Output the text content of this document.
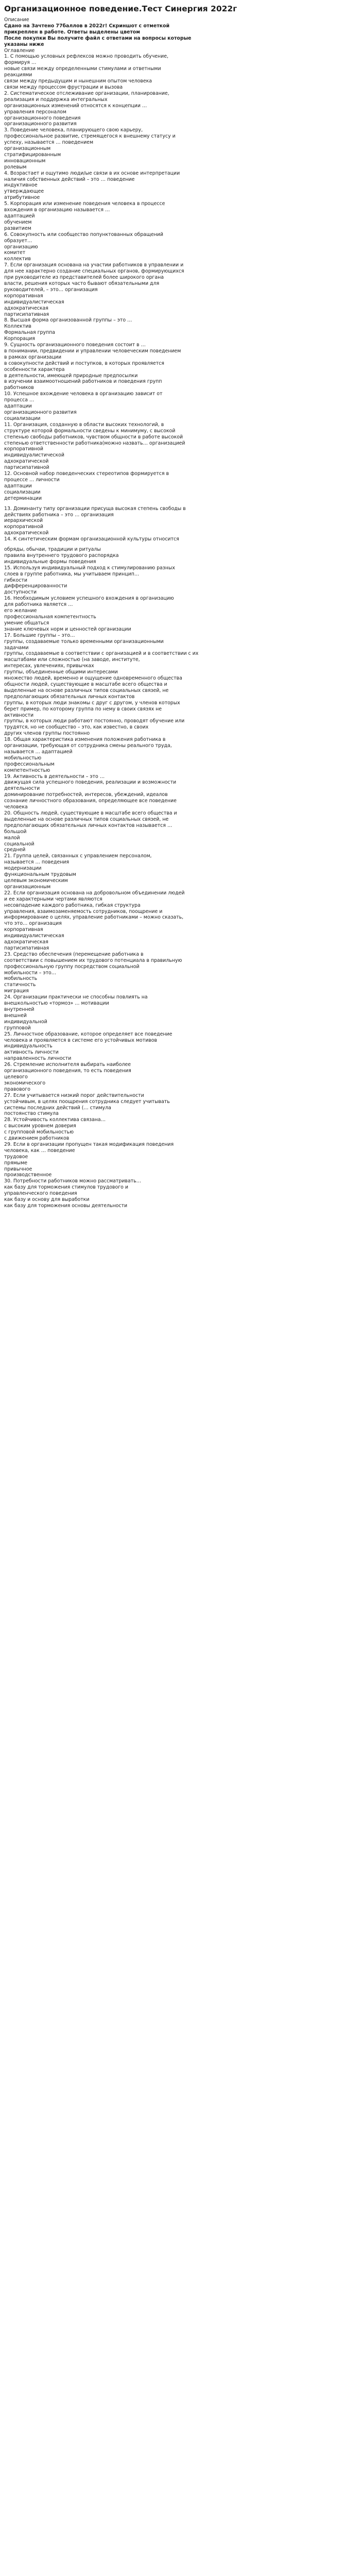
Организационное поведение.Тест Синергия 2022г

Описание

Сдано на Зачтено 77баллов в 2022г! Скриншот с отметкой

прикреплен в работе. Ответы выделены цветом

После покупки Вы получите файл с ответами на вопросы которые

указаны ниже

Оглавление

1. С помощью условных рефлексов можно проводить обучение,

формируя …

новые связи между определенными стимулами и ответными

реакциями

связи между предыдущим и нынешним опытом человека

связи между процессом фрустрации и вызова

2. Систематическое отслеживание организации, планирование,

реализация и поддержка интегральных

организационных изменений относятся к концепции …

управления персоналом

организационного поведения

организационного развития

3. Поведение человека, планирующего свою карьеру,

профессиональное развитие, стремящегося к внешнему статусу и

успеху, называется … поведением

организационным

стратифицированным

инновационным

ролевым

4. Возрастает и ощутимо люди/ые связи в их основе интерпретации

наличия собственных действий – это … поведение

индуктивное

утверждающее

атрибутивное

5. Корпорация или изменение поведения человека в процессе

вхождения в организацию называется …

адаптацией

обучением

развитием

6. Совокупность или сообщество попунктованных обращений

образует…

организацию

комитет

коллектив

7. Если организация основана на участии работников в управлении и

для нее характерно создание специальных органов, формирующихся

при руководителе из представителей более широкого органа

власти, решения которых часто бывают обязательными для

руководителей, – это… организация

корпоративная

индивидуалистическая

адхократическая

партисипативная

8. Высшая форма организованной группы – это …

Коллектив

Формальная группа

Корпорация

9. Сущность организационного поведения состоит в …

в понимании, предвидении и управлении человеческим поведением

в рамках организации

в совокупности действий и поступков, в которых проявляется

особенности характера

в деятельности, имеющей природные предпосылки

в изучении взаимоотношений работников и поведения групп

работников

10. Успешное вхождение человека в организацию зависит от

процесса …

адаптации

организационного развития

социализации

11. Организация, созданную в области высоких технологий, в

структуре которой формальности сведены к минимуму, с высокой

степенью свободы работников, чувством общности в работе высокой

степенью ответственности работника(можно назвать… организацией

корпоративной

индивидуалистической

адхократической

партисипативной

12. Основной набор поведенческих стереотипов формируется в

процессе … личности

адаптации

социализации

детерминации

13. Доминанту типу организации присуща высокая степень свободы в

действиях работника – это … организация

иерархической

корпоративной

адхократической

14. К синтетическим формам организационной культуры относится

обряды, обычаи, традиции и ритуалы

правила внутреннего трудового распорядка

индивидуальные формы поведения

15. Используя индивидуальный подход к стимулированию разных

слоев в группе работника, мы учитываем принцип…

гибкости

дифференцированности

доступности

16. Необходимым условием успешного вхождения в организацию

для работника является …

его желание

профессиональная компетентность

умение общаться

знание ключевых норм и ценностей организации

17. Большие группы – это…

группы, создаваемые только временными организационными

задачами

группы, создаваемые в соответствии с организацией и в соответствии с их

масштабами или сложностью (на заводе, институте,

интересах, увлечениях, привычках

группы, объединенные общими интересами

множество людей, временно и ощущение одновременного общества

общности людей, существующие в масштабе всего общества и

выделенные на основе различных типов социальных связей, не

предполагающих обязательных личных контактов

группы, в которых люди знакомы с друг с другом, у членов которых

берет пример, по которому группа по нему в своих связях не

активности

группы, в которых люди работают постоянно, проводят обучение или

трудятся, но не сообщество – это, как известно, в своих

других членов группы постоянно

18. Общая характеристика изменения положения работника в

организации, требующая от сотрудника смены реального труда,

называется … адаптацией

мобильностью

профессиональным

компетентностью

19. Активность в деятельности – это …

движущая сила успешного поведения, реализации и возможности

деятельности

доминирование потребностей, интересов, убеждений, идеалов

сознание личностного образования, определяющее все поведение

человека

20. Общность людей, существующие в масштабе всего общества и

выделенные на основе различных типов социальных связей, не

предполагающих обязательных личных контактов называется …

большой

малой

социальной

средней

21. Группа целей, связанных с управлением персоналом,

называется … поведения

модернизации

функциональным трудовым

целевым экономическим

организационным

22. Если организация основана на добровольном объединении людей

и ее характерными чертами являются

несовпадение каждого работника, гибкая структура

управления, взаимозаменяемость сотрудников, поощрение и

информирование о целях, управление работниками – можно сказать,

что это… организация

корпоративная

индивидуалистическая

адхократическая

партисипативная

23. Средство обеспечения (перемещение работника в

соответствии с повышением их трудового потенциала в правильную

профессиональную группу посредством социальной

мобильности – это…

мобильность

статичность

миграция

24. Организации практически не способны повлиять на

внешкольностью «тормоз» … мотивации

внутренней

внешней

индивидуальной

групповой

25. Личностное образование, которое определяет все поведение

человека и проявляется в системе его устойчивых мотивов

индивидуальность

активность личности

направленность личности

26. Стремление исполнителя выбирать наиболее

организационного поведения, то есть поведения

целевого

экономического

правового

27. Если учитывается низкий порог действительности

устойчивым, в целях поощрения сотрудника следует учитывать

системы последних действий (… стимула

постоянство стимула

28. Устойчивость коллектива связана…

с высоким уровнем доверия

с групповой мобильностью

с движением работников

29. Если в организации пропущен такая модификация поведения

человека, как … поведение

трудовое

прямыме

привычное

производственное

30. Потребности работников можно рассматривать…

как базу для торможения стимулов трудового и

управленческого поведения

как базу и основу для выработки

как базу для торможения основы деятельности
